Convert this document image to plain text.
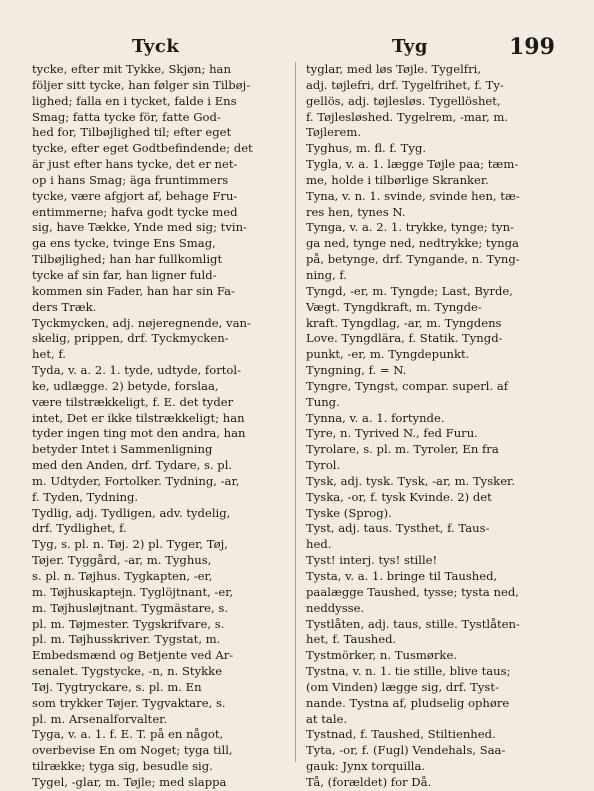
Tyck	Tyg	199
tycke, efter mit Tykke, Skjøn; han
följer sitt tycke, han følger sin Tilbøj-
lighed; falla en i tycket, falde i Ens
Smag; fatta tycke för, fatte God-
hed for, Tilbøjlighed til; efter eget
tycke, efter eget Godtbefindende; det
är just efter hans tycke, det er net-
op i hans Smag; äga fruntimmers
tycke, være afgjort af, behage Fru-
entimmerne; hafva godt tycke med
sig, have Tække, Ynde med sig; tvin-
ga ens tycke, tvinge Ens Smag,
Tilbøjlighed; han har fullkomligt
tycke af sin far, han ligner fuld-
kommen sin Fader, han har sin Fa-
ders Træk.
Tyckmycken, adj. nøjeregnende, van-
skelig, prippen, drf. Tyckmycken-
het, f.
Tyda, v. a. 2. 1. tyde, udtyde, fortol-
ke, udlægge. 2) betyde, forslaa,
være tilstrækkeligt, f. E. det tyder
intet, Det er ikke tilstrækkeligt; han
tyder ingen ting mot den andra, han
betyder Intet i Sammenligning
med den Anden, drf. Tydare, s. pl.
m. Udtyder, Fortolker. Tydning, -ar,
f. Tyden, Tydning.
Tydlig, adj. Tydligen, adv. tydelig,
drf. Tydlighet, f.
Tyg, s. pl. n. Tøj. 2) pl. Tyger, Tøj,
Tøjer. Tyggård, -ar, m. Tyghus,
s. pl. n. Tøjhus. Tygkapten, -er,
m. Tøjhuskaptejn. Tyglöjtnant, -er,
m. Tøjhusløjtnant. Tygmästare, s.
pl. m. Tøjmester. Tygskrifvare, s.
pl. m. Tøjhusskriver. Tygstat, m.
Embedsmænd og Betjente ved Ar-
senalet. Tygstycke, -n, n. Stykke
Tøj. Tygtryckare, s. pl. m. En
som trykker Tøjer. Tygvaktare, s.
pl. m. Arsenalforvalter.
Tyga, v. a. 1. f. E. T. på en något,
overbevise En om Noget; tyga till,
tilrække; tyga sig, besudle sig.
Tygel, -glar, m. Tøjle; med slappa
tyglar, med løs Tøjle. Tygelfri,
adj. tøjlefri, drf. Tygelfrihet, f. Ty-
gellös, adj. tøjlesløs. Tygellöshet,
f. Tøjlesløshed. Tygelrem, -mar, m.
Tøjlerem.
Tyghus, m. fl. f. Tyg.
Tygla, v. a. 1. lægge Tøjle paa; tæm-
me, holde i tilbørlige Skranker.
Tyna, v. n. 1. svinde, svinde hen, tæ-
res hen, tynes N.
Tynga, v. a. 2. 1. trykke, tynge; tyn-
ga ned, tynge ned, nedtrykke; tynga
på, betynge, drf. Tyngande, n. Tyng-
ning, f.
Tyngd, -er, m. Tyngde; Last, Byrde,
Vægt. Tyngdkraft, m. Tyngde-
kraft. Tyngdlag, -ar, m. Tyngdens
Love. Tyngdlära, f. Statik. Tyngd-
punkt, -er, m. Tyngdepunkt.
Tyngning, f. = N.
Tyngre, Tyngst, compar. superl. af
Tung.
Tynna, v. a. 1. fortynde.
Tyre, n. Tyrived N., fed Furu.
Tyrolare, s. pl. m. Tyroler, En fra
Tyrol.
Tysk, adj. tysk. Tysk, -ar, m. Tysker.
Tyska, -or, f. tysk Kvinde. 2) det
Tyske (Sprog).
Tyst, adj. taus. Tysthet, f. Taus-
hed.
Tyst! interj. tys! stille!
Tysta, v. a. 1. bringe til Taushed,
paalægge Taushed, tysse; tysta ned,
neddysse.
Tystlåten, adj. taus, stille. Tystlåten-
het, f. Taushed.
Tystmörker, n. Tusmørke.
Tystna, v. n. 1. tie stille, blive taus;
(om Vinden) lægge sig, drf. Tyst-
nande. Tystna af, pludselig ophøre
at tale.
Tystnad, f. Taushed, Stiltienhed.
Tyta, -or, f. (Fugl) Vendehals, Saa-
gauk: Jynx torquilla.
Tå, (forældet) for Då.
